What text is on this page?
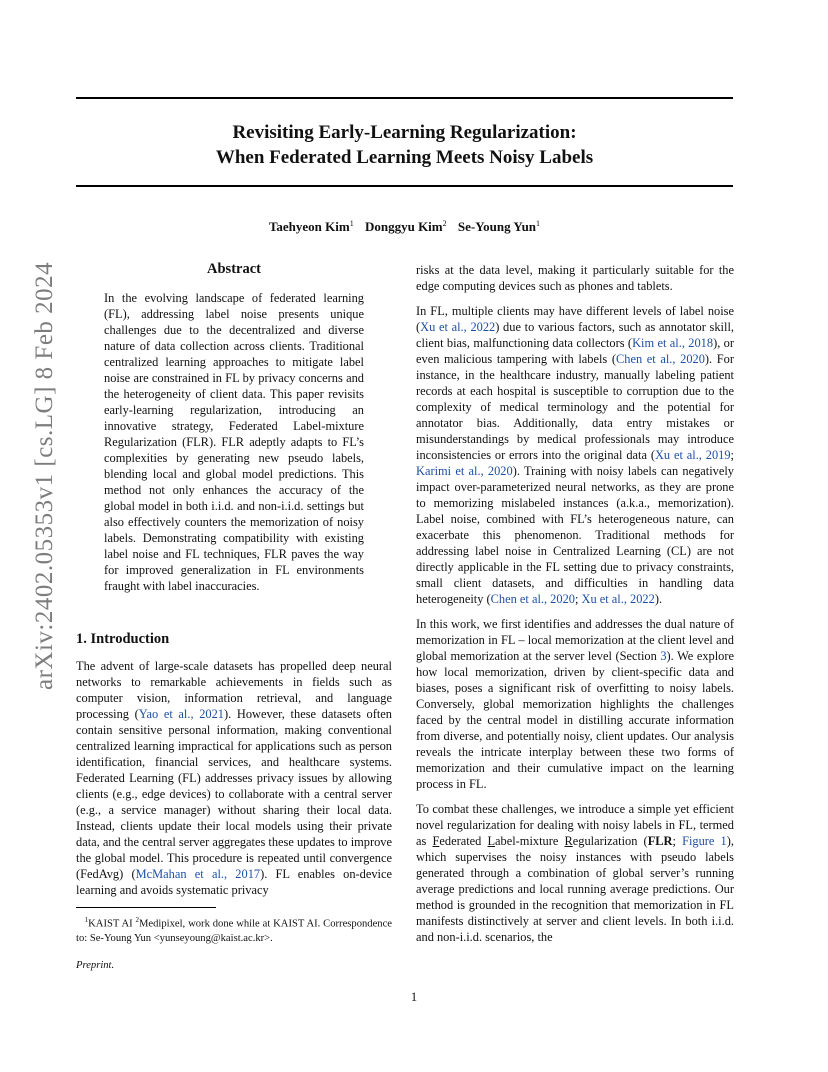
Revisiting Early-Learning Regularization:
When Federated Learning Meets Noisy Labels
Taehyeon Kim$^1$ Donggyu Kim$^2$ Se-Young Yun$^1$
arXiv:2402.05353v1 [cs.LG] 8 Feb 2024	Abstract
In the evolving landscape of federated learning (FL), addressing label noise presents unique challenges due to the decentralized and diverse nature of data collection across clients. Traditional centralized learning approaches to mitigate label noise are constrained in FL by privacy concerns and the heterogeneity of client data. This paper revisits early-learning regularization, introducing an innovative strategy, Federated Label-mixture Regularization (FLR). FLR adeptly adapts to FL’s complexities by generating new pseudo labels, blending local and global model predictions. This method not only enhances the accuracy of the global model in both i.i.d. and non-i.i.d. settings but also effectively counters the memorization of noisy labels. Demonstrating compatibility with existing label noise and FL techniques, FLR paves the way for improved generalization in FL environments fraught with label inaccuracies.
1. Introduction

The advent of large-scale datasets has propelled deep neural networks to remarkable achievements in fields such as computer vision, information retrieval, and language processing (Yao et al., 2021). However, these datasets often contain sensitive personal information, making conventional centralized learning impractical for applications such as person identification, financial services, and healthcare systems. Federated Learning (FL) addresses privacy issues by allowing clients (e.g., edge devices) to collaborate with a central server (e.g., a service manager) without sharing their local data. Instead, clients update their local models using their private data, and the central server aggregates these updates to improve the global model. This procedure is repeated until convergence (FedAvg) (McMahan et al., 2017). FL enables on-device learning and avoids systematic privacy

$^1$KAIST AI $^2$Medipixel, work done while at KAIST AI. Correspondence to: Se-Young Yun <yunseyoung@kaist.ac.kr>.
Preprint.

risks at the data level, making it particularly suitable for the edge computing devices such as phones and tablets.

In FL, multiple clients may have different levels of label noise (Xu et al., 2022) due to various factors, such as annotator skill, client bias, malfunctioning data collectors (Kim et al., 2018), or even malicious tampering with labels (Chen et al., 2020). For instance, in the healthcare industry, manually labeling patient records at each hospital is susceptible to corruption due to the complexity of medical terminology and the potential for annotator bias. Additionally, data entry mistakes or misunderstandings by medical professionals may introduce inconsistencies or errors into the original data (Xu et al., 2019; Karimi et al., 2020). Training with noisy labels can negatively impact over-parameterized neural networks, as they are prone to memorizing mislabeled instances (a.k.a., memorization). Label noise, combined with FL’s heterogeneous nature, can exacerbate this phenomenon. Traditional methods for addressing label noise in Centralized Learning (CL) are not directly applicable in the FL setting due to privacy constraints, small client datasets, and difficulties in handling data heterogeneity (Chen et al., 2020; Xu et al., 2022).

In this work, we first identifies and addresses the dual nature of memorization in FL – local memorization at the client level and global memorization at the server level (Section 3). We explore how local memorization, driven by client-specific data and biases, poses a significant risk of overfitting to noisy labels. Conversely, global memorization highlights the challenges faced by the central model in distilling accurate information from diverse, and potentially noisy, client updates. Our analysis reveals the intricate interplay between these two forms of memorization and their cumulative impact on the learning process in FL.

To combat these challenges, we introduce a simple yet efficient novel regularization for dealing with noisy labels in FL, termed as Federated Label-mixture Regularization (FLR; Figure 1), which supervises the noisy instances with pseudo labels generated through a combination of global server’s running average predictions and local running average predictions. Our method is grounded in the recognition that memorization in FL manifests distinctively at server and client levels. In both i.i.d. and non-i.i.d. scenarios, the

1
